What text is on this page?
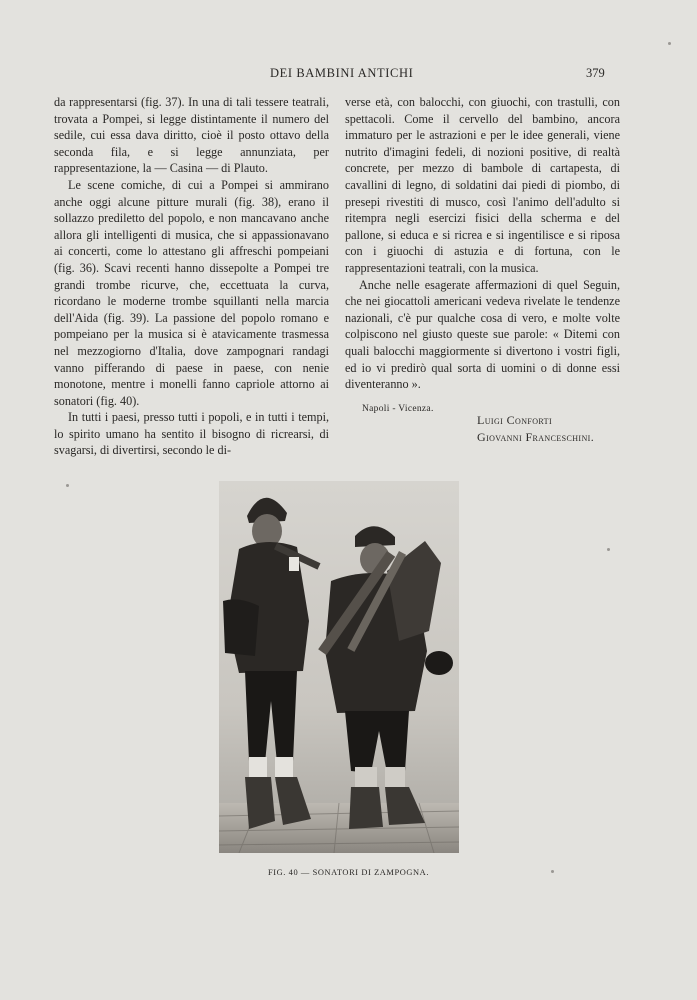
DEI BAMBINI ANTICHI	379

da rappresentarsi (fig. 37). In una di tali tessere teatrali, trovata a Pompei, si legge distintamente il numero del sedile, cui essa dava diritto, cioè il posto ottavo della seconda fila, e si legge annunziata, per rappresentazione, la — Casina — di Plauto.

Le scene comiche, di cui a Pompei si ammirano anche oggi alcune pitture murali (fig. 38), erano il sollazzo prediletto del popolo, e non mancavano anche allora gli intelligenti di musica, che si appassionavano ai concerti, come lo attestano gli affreschi pompeiani (fig. 36). Scavi recenti hanno dissepolte a Pompei tre grandi trombe ricurve, che, eccettuata la curva, ricordano le moderne trombe squillanti nella marcia dell'Aida (fig. 39). La passione del popolo romano e pompeiano per la musica si è atavicamente trasmessa nel mezzogiorno d'Italia, dove zampognari randagi vanno pifferando di paese in paese, con nenie monotone, mentre i monelli fanno capriole attorno ai sonatori (fig. 40).

In tutti i paesi, presso tutti i popoli, e in tutti i tempi, lo spirito umano ha sentito il bisogno di ricrearsi, di svagarsi, di divertirsi, secondo le di-

verse età, con balocchi, con giuochi, con trastulli, con spettacoli. Come il cervello del bambino, ancora immaturo per le astrazioni e per le idee generali, viene nutrito d'imagini fedeli, di nozioni positive, di realtà concrete, per mezzo di bambole di cartapesta, di cavallini di legno, di soldatini dai piedi di piombo, di presepi rivestiti di musco, così l'animo dell'adulto si ritempra negli esercizi fisici della scherma e del pallone, si educa e si ricrea e si ingentilisce e si riposa con i giuochi di astuzia e di fortuna, con le rappresentazioni teatrali, con la musica.

Anche nelle esagerate affermazioni di quel Seguin, che nei giocattoli americani vedeva rivelate le tendenze nazionali, c'è pur qualche cosa di vero, e molte volte colpiscono nel giusto queste sue parole: « Ditemi con quali balocchi maggiormente si divertono i vostri figli, ed io vi predirò qual sorta di uomini o di donne essi diventeranno ».

Napoli - Vicenza.
Luigi Conforti
Giovanni Franceschini.
FIG. 40 — SONATORI DI ZAMPOGNA.
